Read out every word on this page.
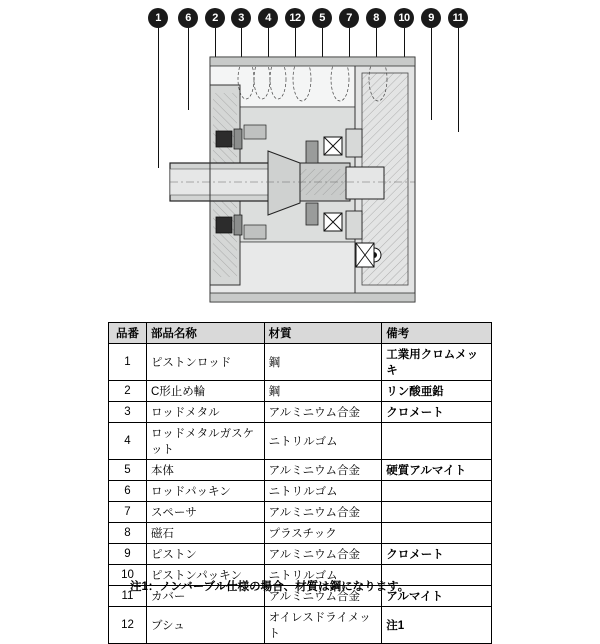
1	6	2	3	4	12	5	7	8	10	9	11
品番	部品名称	材質	備考
1	ピストンロッド	鋼	工業用クロムメッキ
2	C形止め輪	鋼	リン酸亜鉛
3	ロッドメタル	アルミニウム合金	クロメート
4	ロッドメタルガスケット	ニトリルゴム	
5	本体	アルミニウム合金	硬質アルマイト
6	ロッドパッキン	ニトリルゴム	
7	スペーサ	アルミニウム合金	
8	磁石	プラスチック	
9	ピストン	アルミニウム合金	クロメート
10	ピストンパッキン	ニトリルゴム	
11	カバー	アルミニウム合金	アルマイト
12	ブシュ	オイレスドライメット	注1
注1：ノンバーブル仕様の場合、材質は鋼になります。
